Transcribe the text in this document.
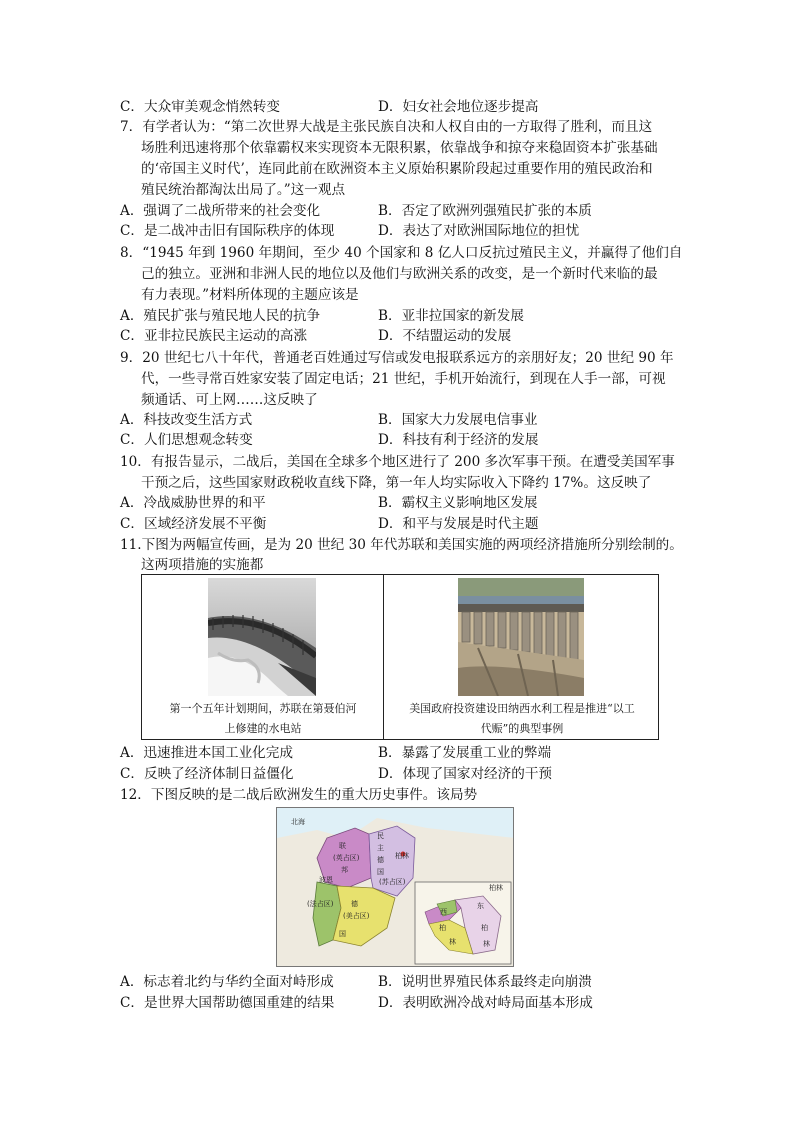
C．大众审美观念悄然转变	D．妇女社会地位逐步提高
7．有学者认为：“第二次世界大战是主张民族自决和人权自由的一方取得了胜利，而且这
场胜利迅速将那个依靠霸权来实现资本无限积累，依靠战争和掠夺来稳固资本扩张基础
的‘帝国主义时代’，连同此前在欧洲资本主义原始积累阶段起过重要作用的殖民政治和
殖民统治都淘汰出局了。”这一观点
A．强调了二战所带来的社会变化	B．否定了欧洲列强殖民扩张的本质
C．是二战冲击旧有国际秩序的体现	D．表达了对欧洲国际地位的担忧
8．“1945 年到 1960 年期间，至少 40 个国家和 8 亿人口反抗过殖民主义，并赢得了他们自
己的独立。亚洲和非洲人民的地位以及他们与欧洲关系的改变，是一个新时代来临的最
有力表现。”材料所体现的主题应该是
A．殖民扩张与殖民地人民的抗争	B．亚非拉国家的新发展
C．亚非拉民族民主运动的高涨	D．不结盟运动的发展
9．20 世纪七八十年代，普通老百姓通过写信或发电报联系远方的亲朋好友；20 世纪 90 年
代，一些寻常百姓家安装了固定电话；21 世纪，手机开始流行，到现在人手一部，可视
频通话、可上网……这反映了
A．科技改变生活方式	B．国家大力发展电信事业
C．人们思想观念转变	D．科技有利于经济的发展
10．有报告显示，二战后，美国在全球多个地区进行了 200 多次军事干预。在遭受美国军事
干预之后，这些国家财政税收直线下降，第一年人均实际收入下降约 17%。这反映了
A．冷战威胁世界的和平	B．霸权主义影响地区发展
C．区域经济发展不平衡	D．和平与发展是时代主题
11.下图为两幅宣传画，是为 20 世纪 30 年代苏联和美国实施的两项经济措施所分别绘制的。
这两项措施的实施都
第一个五年计划期间，苏联在第聂伯河
上修建的水电站
美国政府投资建设田纳西水利工程是推进“以工
代赈”的典型事例
A．迅速推进本国工业化完成	B．暴露了发展重工业的弊端
C．反映了经济体制日益僵化	D．体现了国家对经济的干预
12．下图反映的是二战后欧洲发生的重大历史事件。该局势
北海
联
(英占区)
邦
波恩
民
主
柏林
德
国
(苏占区)
(法占区)	德
(美占区)
国
柏林
西
东
柏	柏
林	林
A．标志着北约与华约全面对峙形成	B．说明世界殖民体系最终走向崩溃
C．是世界大国帮助德国重建的结果	D．表明欧洲冷战对峙局面基本形成
